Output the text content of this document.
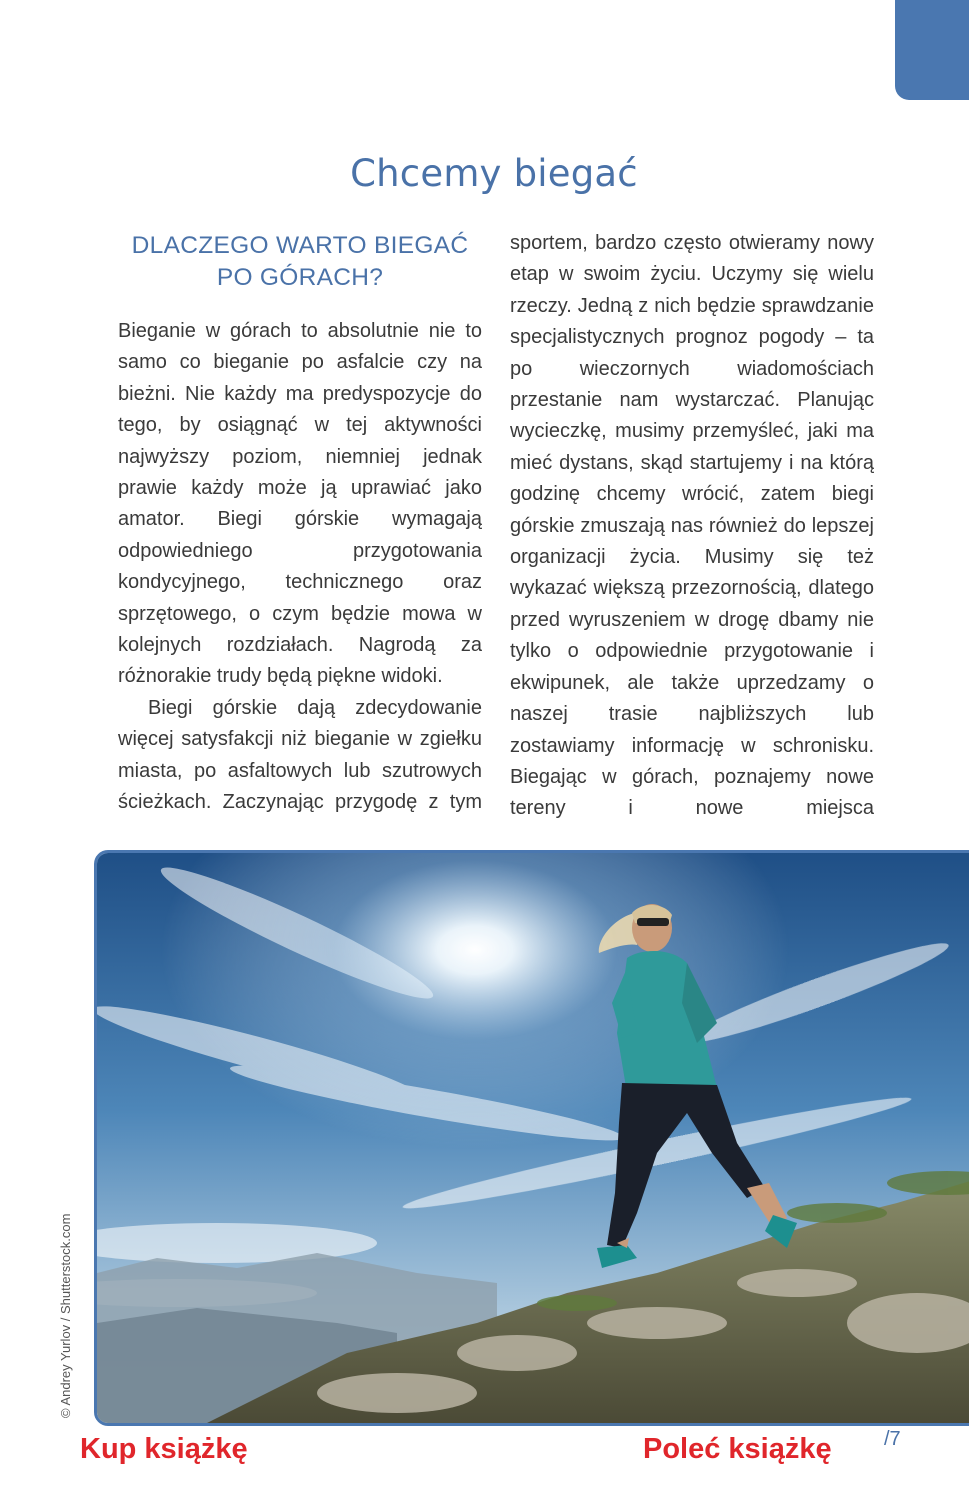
Chcemy biegać
DLACZEGO WARTO BIEGAĆ PO GÓRACH?

Bieganie w górach to absolutnie nie to samo co bieganie po asfalcie czy na bieżni. Nie każdy ma predyspozycje do tego, by osiągnąć w tej aktywności najwyższy poziom, niemniej jednak prawie każdy może ją uprawiać jako amator. Biegi górskie wymagają odpowiedniego przygotowania kondycyjnego, technicznego oraz sprzętowego, o czym będzie mowa w kolejnych rozdziałach. Nagrodą za różnorakie trudy będą piękne widoki.

Biegi górskie dają zdecydowanie więcej satysfakcji niż bieganie w zgiełku miasta, po asfaltowych lub szutrowych ścieżkach. Zaczynając przygodę z tym

sportem, bardzo często otwieramy nowy etap w swoim życiu. Uczymy się wielu rzeczy. Jedną z nich będzie sprawdzanie specjalistycznych prognoz pogody – ta po wieczornych wiadomościach przestanie nam wystarczać. Planując wycieczkę, musimy przemyśleć, jaki ma mieć dystans, skąd startujemy i na którą godzinę chcemy wrócić, zatem biegi górskie zmuszają nas również do lepszej organizacji życia. Musimy się też wykazać większą przezornością, dlatego przed wyruszeniem w drogę dbamy nie tylko o odpowiednie przygotowanie i ekwipunek, ale także uprzedzamy o naszej trasie najbliższych lub zostawiamy informację w schronisku. Biegając w górach, poznajemy nowe tereny i nowe miejsca

© Andrey Yurlov / Shutterstock.com
Kup książkę	Poleć książkę	/7
